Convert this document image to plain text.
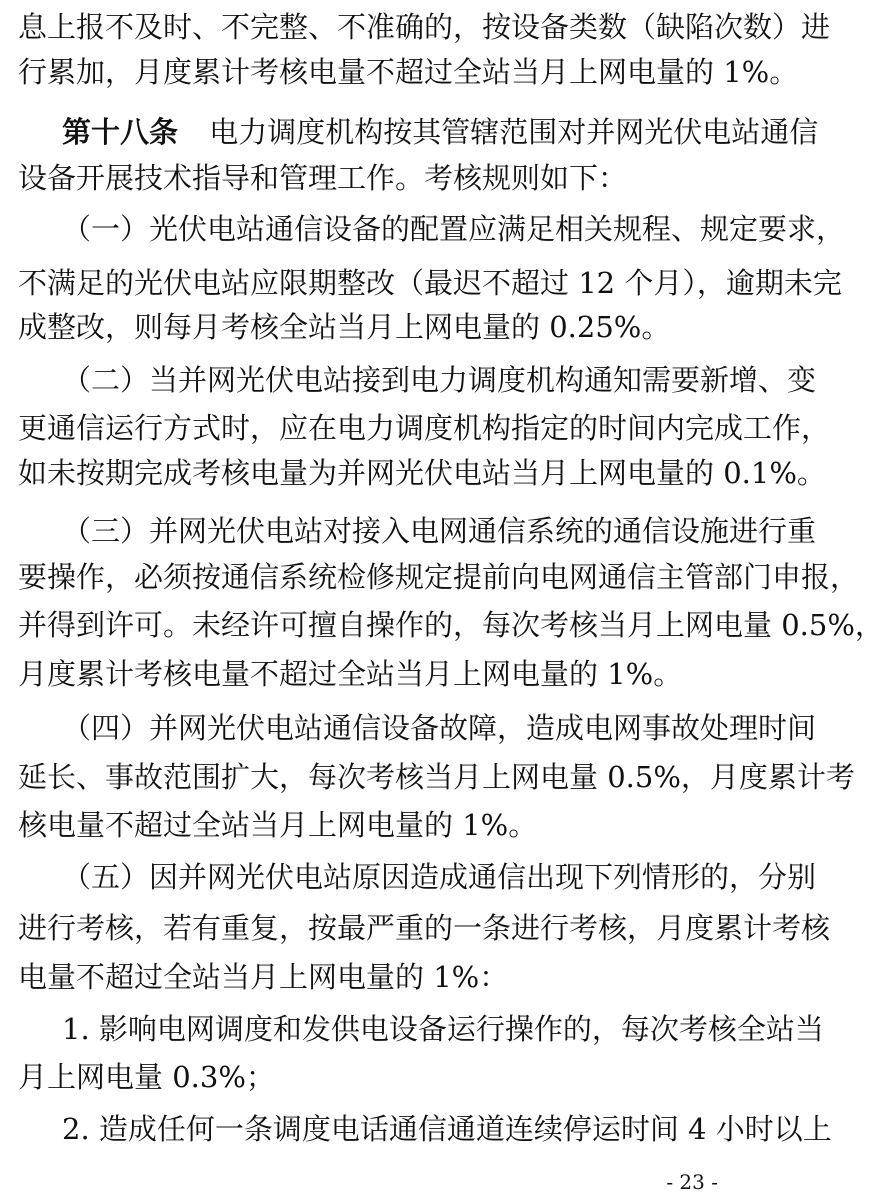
息上报不及时、不完整、不准确的，按设备类数（缺陷次数）进
行累加，月度累计考核电量不超过全站当月上网电量的 1%。
第十八条 电力调度机构按其管辖范围对并网光伏电站通信
设备开展技术指导和管理工作。考核规则如下：
（一）光伏电站通信设备的配置应满足相关规程、规定要求，
不满足的光伏电站应限期整改（最迟不超过 12 个月），逾期未完
成整改，则每月考核全站当月上网电量的 0.25%。
（二）当并网光伏电站接到电力调度机构通知需要新增、变
更通信运行方式时，应在电力调度机构指定的时间内完成工作，
如未按期完成考核电量为并网光伏电站当月上网电量的 0.1%。
（三）并网光伏电站对接入电网通信系统的通信设施进行重
要操作，必须按通信系统检修规定提前向电网通信主管部门申报，
并得到许可。未经许可擅自操作的，每次考核当月上网电量 0.5%，
月度累计考核电量不超过全站当月上网电量的 1%。
（四）并网光伏电站通信设备故障，造成电网事故处理时间
延长、事故范围扩大，每次考核当月上网电量 0.5%，月度累计考
核电量不超过全站当月上网电量的 1%。
（五）因并网光伏电站原因造成通信出现下列情形的，分别
进行考核，若有重复，按最严重的一条进行考核，月度累计考核
电量不超过全站当月上网电量的 1%：
1. 影响电网调度和发供电设备运行操作的，每次考核全站当
月上网电量 0.3%；
2. 造成任何一条调度电话通信通道连续停运时间 4 小时以上
- 23 -
